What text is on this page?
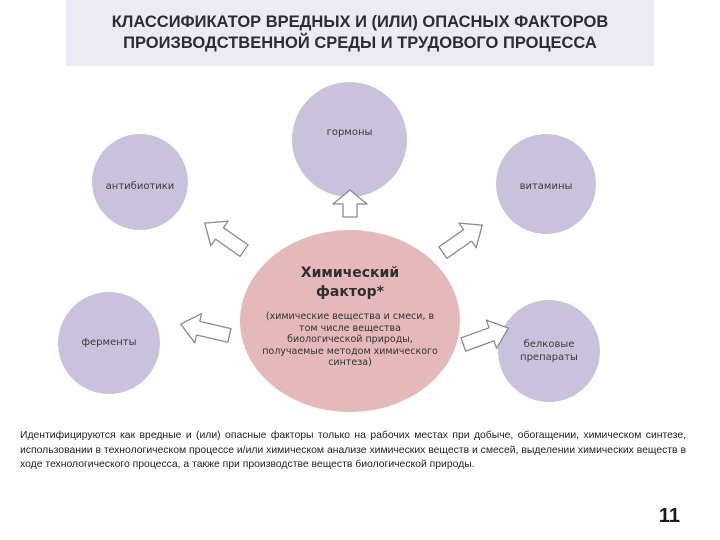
КЛАССИФИКАТОР ВРЕДНЫХ И (ИЛИ) ОПАСНЫХ ФАКТОРОВ
ПРОИЗВОДСТВЕННОЙ СРЕДЫ И ТРУДОВОГО ПРОЦЕССА
гормоны
антибиотики	витамины
ферменты	белковые препараты
Химический
фактор*
(химические вещества и смеси, в том числе вещества биологической природы, получаемые методом химического синтеза)
Идентифицируются как вредные и (или) опасные факторы только на рабочих местах при добыче, обогащении, химическом синтезе, использовании в технологическом процессе и/или химическом анализе химических веществ и смесей, выделении химических веществ в ходе технологического процесса, а также при производстве веществ биологической природы.
11
